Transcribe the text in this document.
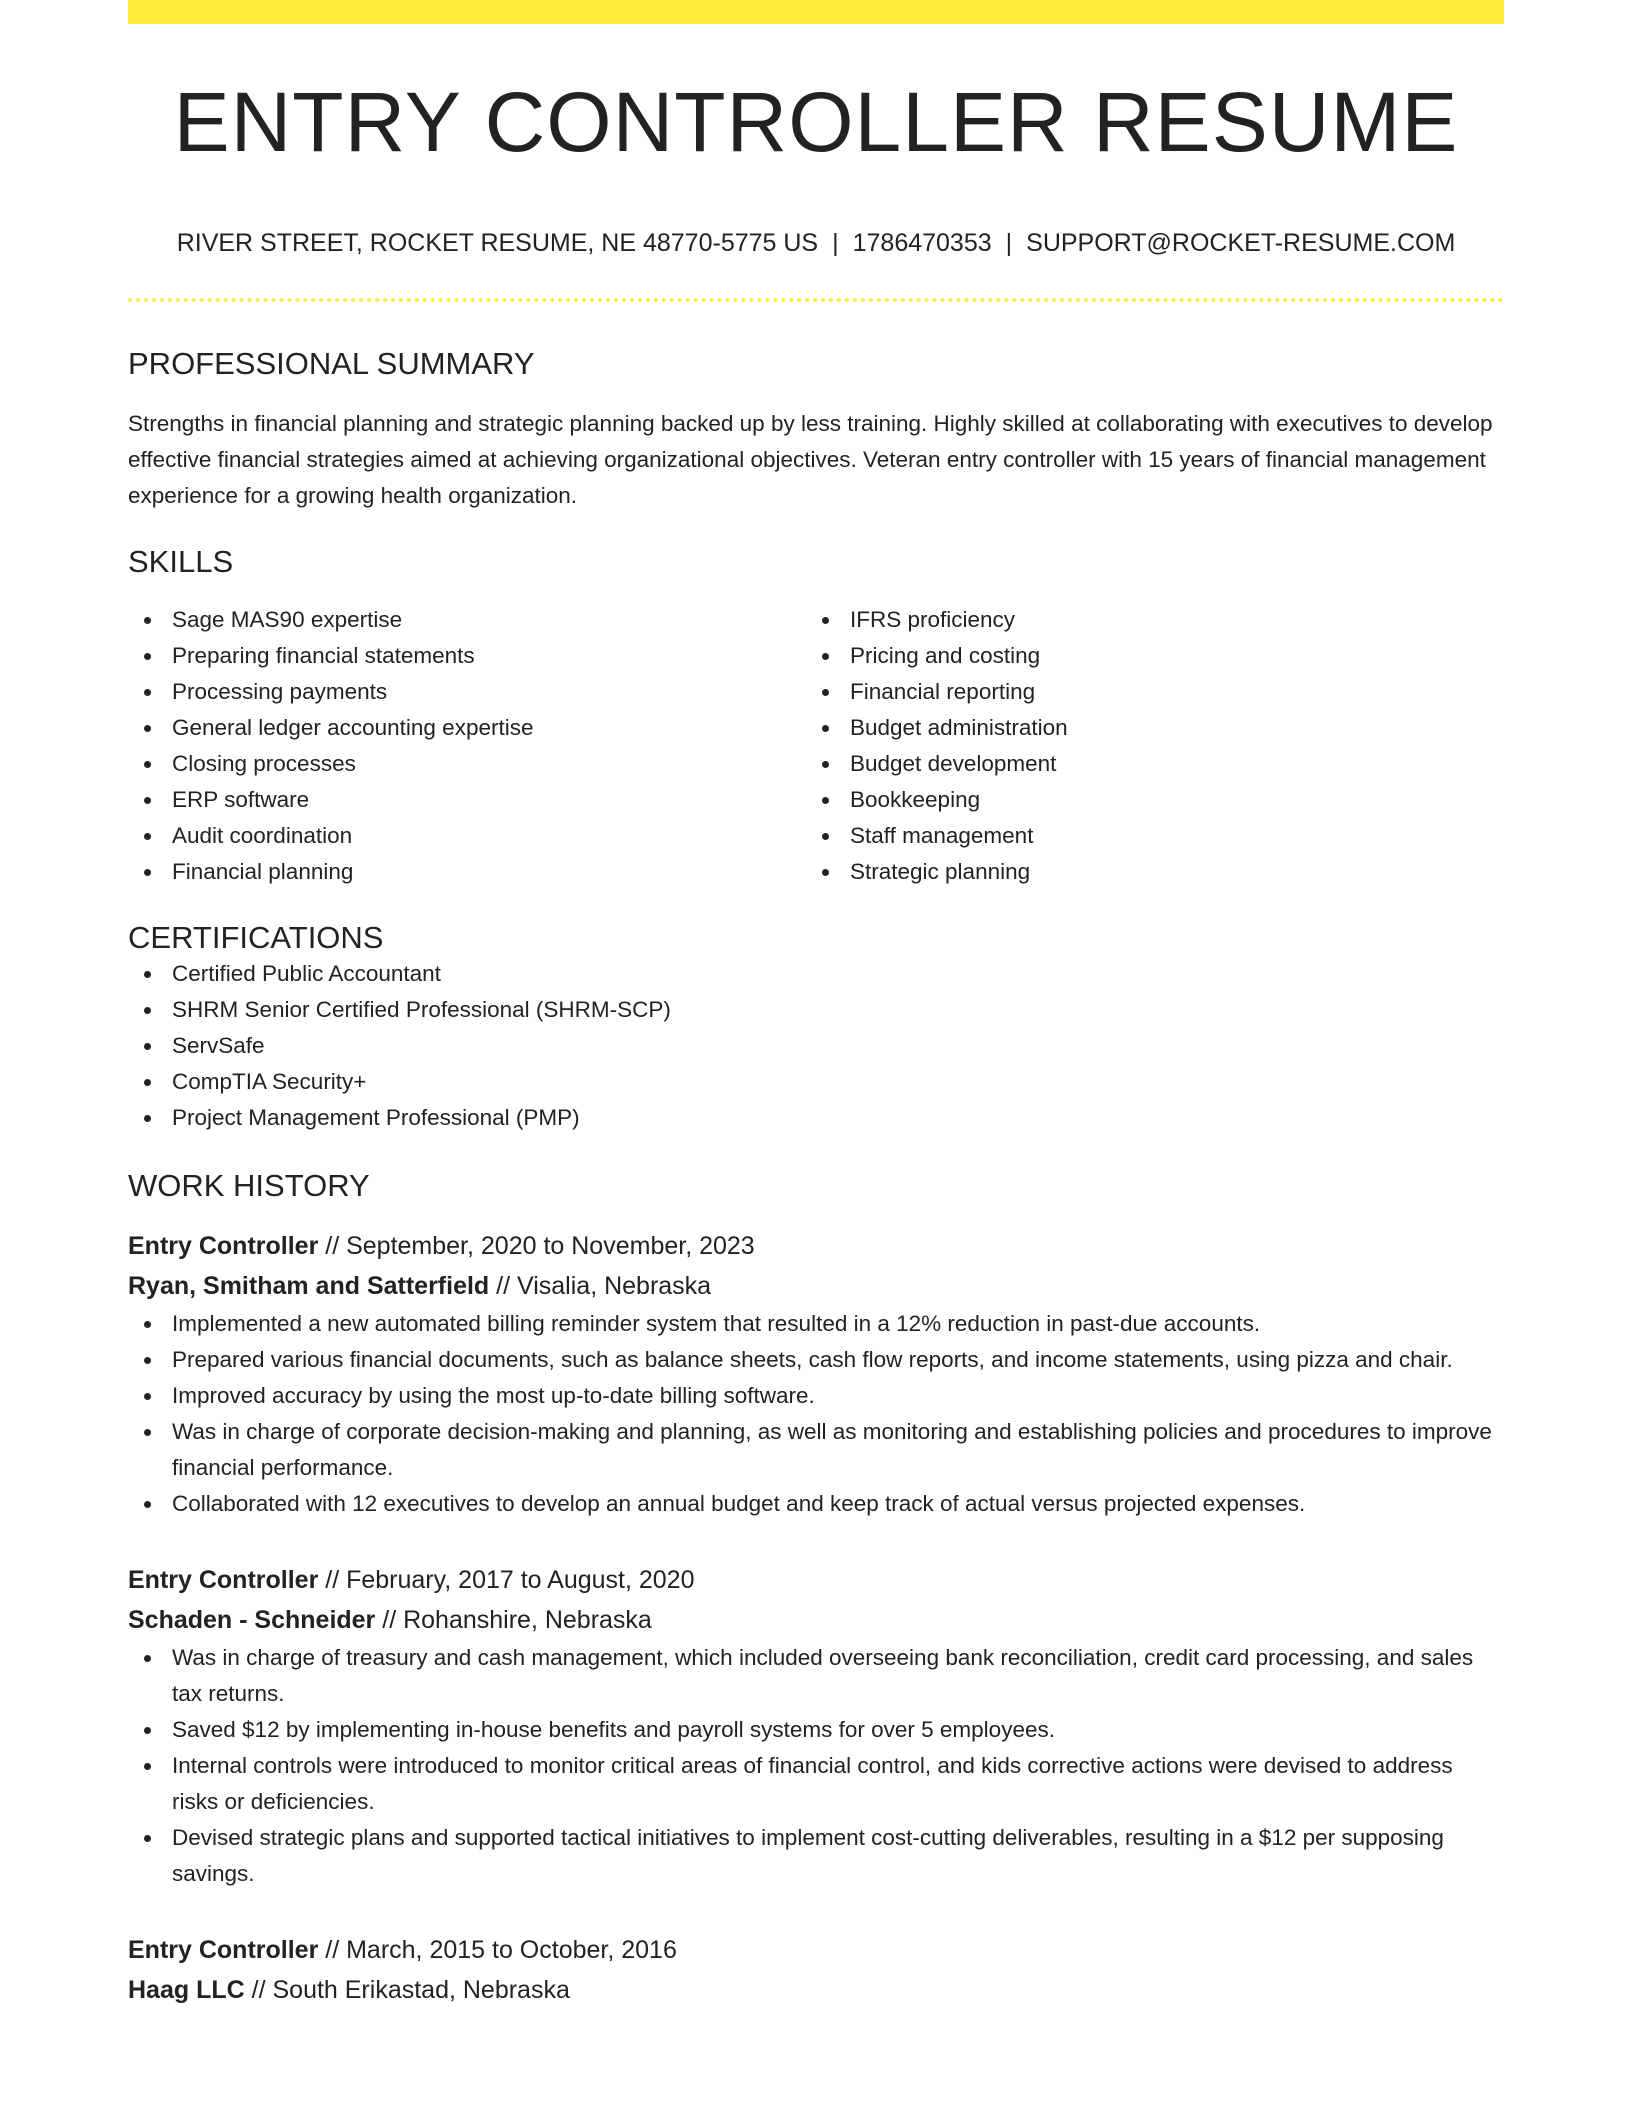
ENTRY CONTROLLER RESUME
RIVER STREET, ROCKET RESUME, NE 48770-5775 US | 1786470353 | SUPPORT@ROCKET-RESUME.COM
PROFESSIONAL SUMMARY
Strengths in financial planning and strategic planning backed up by less training. Highly skilled at collaborating with executives to develop effective financial strategies aimed at achieving organizational objectives. Veteran entry controller with 15 years of financial management experience for a growing health organization.
SKILLS
Sage MAS90 expertise
Preparing financial statements
Processing payments
General ledger accounting expertise
Closing processes
ERP software
Audit coordination
Financial planning
IFRS proficiency
Pricing and costing
Financial reporting
Budget administration
Budget development
Bookkeeping
Staff management
Strategic planning
CERTIFICATIONS
Certified Public Accountant
SHRM Senior Certified Professional (SHRM-SCP)
ServSafe
CompTIA Security+
Project Management Professional (PMP)
WORK HISTORY
Entry Controller // September, 2020 to November, 2023
Ryan, Smitham and Satterfield // Visalia, Nebraska
Implemented a new automated billing reminder system that resulted in a 12% reduction in past-due accounts.
Prepared various financial documents, such as balance sheets, cash flow reports, and income statements, using pizza and chair.
Improved accuracy by using the most up-to-date billing software.
Was in charge of corporate decision-making and planning, as well as monitoring and establishing policies and procedures to improve financial performance.
Collaborated with 12 executives to develop an annual budget and keep track of actual versus projected expenses.
Entry Controller // February, 2017 to August, 2020
Schaden - Schneider // Rohanshire, Nebraska
Was in charge of treasury and cash management, which included overseeing bank reconciliation, credit card processing, and sales tax returns.
Saved $12 by implementing in-house benefits and payroll systems for over 5 employees.
Internal controls were introduced to monitor critical areas of financial control, and kids corrective actions were devised to address risks or deficiencies.
Devised strategic plans and supported tactical initiatives to implement cost-cutting deliverables, resulting in a $12 per supposing savings.
Entry Controller // March, 2015 to October, 2016
Haag LLC // South Erikastad, Nebraska
